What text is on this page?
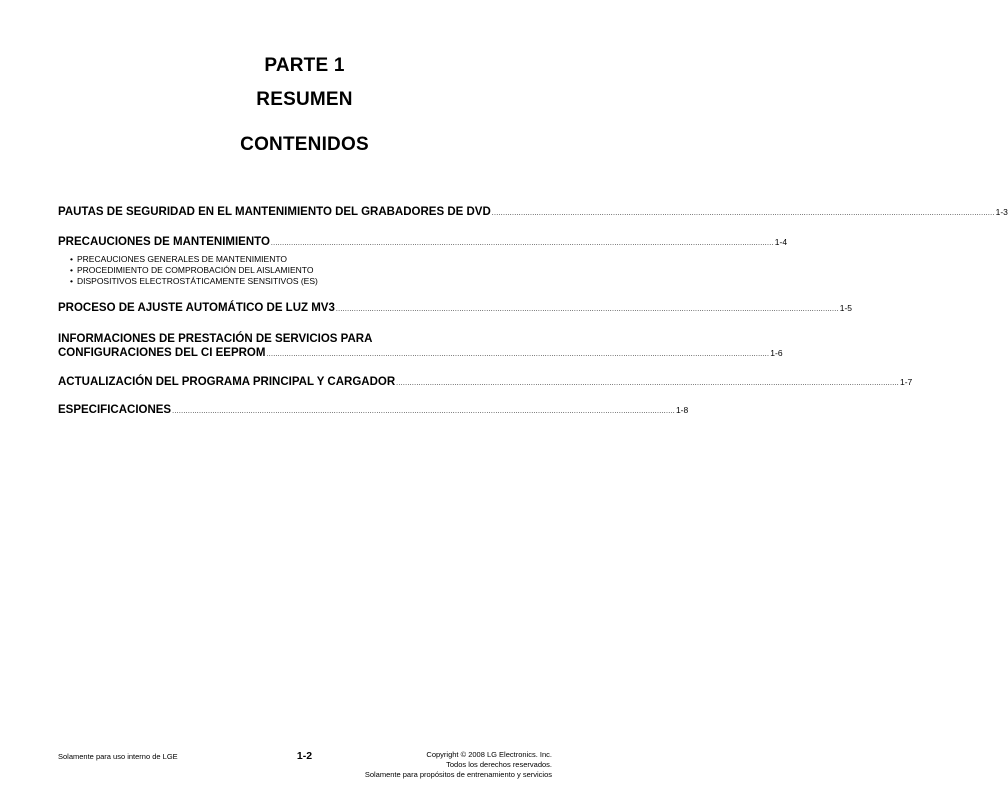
PARTE 1
RESUMEN
CONTENIDOS
PAUTAS DE SEGURIDAD EN EL MANTENIMIENTO DEL GRABADORES DE DVD ................................................................................................................................................................................................................................ 1-3
PRECAUCIONES DE MANTENIMIENTO ................................................................................................................................................................................................................................ 1-4
• PRECAUCIONES GENERALES DE MANTENIMIENTO
• PROCEDIMIENTO DE COMPROBACIÓN DEL AISLAMIENTO
• DISPOSITIVOS ELECTROSTÁTICAMENTE SENSITIVOS (ES)
PROCESO DE AJUSTE AUTOMÁTICO DE LUZ MV3 ................................................................................................................................................................................................................................ 1-5
INFORMACIONES DE PRESTACIÓN DE SERVICIOS PARA
CONFIGURACIONES DEL CI EEPROM ................................................................................................................................................................................................................................ 1-6
ACTUALIZACIÓN DEL PROGRAMA PRINCIPAL Y CARGADOR ................................................................................................................................................................................................................................ 1-7
ESPECIFICACIONES ................................................................................................................................................................................................................................ 1-8
Solamente para uso interno de LGE	1-2	Copyright © 2008 LG Electronics. Inc.
Todos los derechos reservados.
Solamente para propósitos de entrenamiento y servicios
